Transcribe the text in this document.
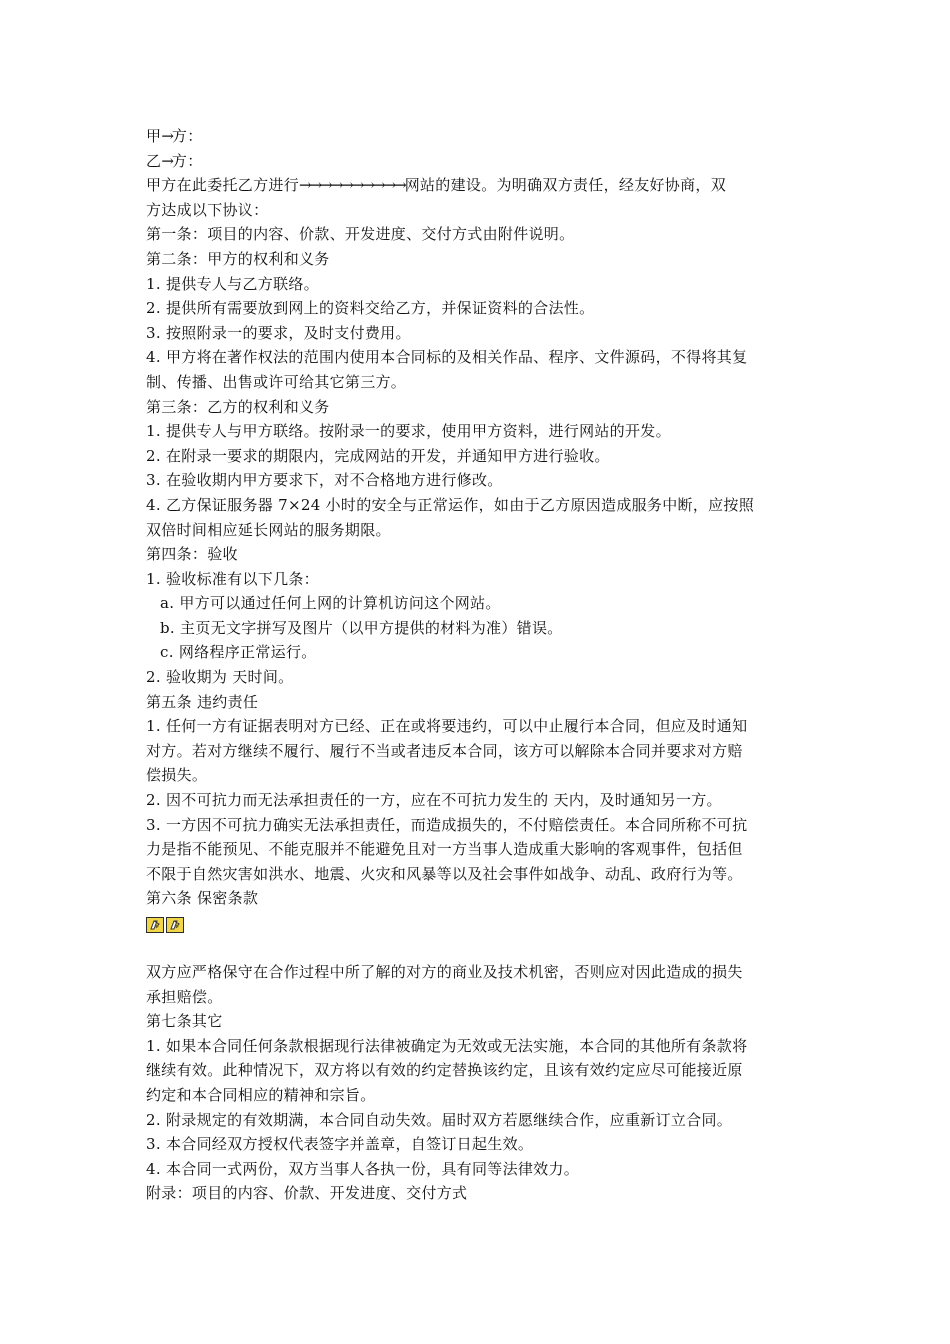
甲→方：
乙→方：
甲方在此委托乙方进行→→→→→→→→→→网站的建设。为明确双方责任，经友好协商，双
方达成以下协议：
第一条：项目的内容、价款、开发进度、交付方式由附件说明。
第二条：甲方的权利和义务
1. 提供专人与乙方联络。
2. 提供所有需要放到网上的资料交给乙方，并保证资料的合法性。
3. 按照附录一的要求，及时支付费用。
4. 甲方将在著作权法的范围内使用本合同标的及相关作品、程序、文件源码，不得将其复
制、传播、出售或许可给其它第三方。
第三条：乙方的权利和义务
1. 提供专人与甲方联络。按附录一的要求，使用甲方资料，进行网站的开发。
2. 在附录一要求的期限内，完成网站的开发，并通知甲方进行验收。
3. 在验收期内甲方要求下，对不合格地方进行修改。
4. 乙方保证服务器 7×24 小时的安全与正常运作，如由于乙方原因造成服务中断，应按照
双倍时间相应延长网站的服务期限。
第四条：验收
1. 验收标准有以下几条：
a. 甲方可以通过任何上网的计算机访问这个网站。
b. 主页无文字拼写及图片（以甲方提供的材料为准）错误。
c. 网络程序正常运行。
2. 验收期为 天时间。
第五条 违约责任
1. 任何一方有证据表明对方已经、正在或将要违约，可以中止履行本合同，但应及时通知
对方。若对方继续不履行、履行不当或者违反本合同，该方可以解除本合同并要求对方赔
偿损失。
2. 因不可抗力而无法承担责任的一方，应在不可抗力发生的 天内，及时通知另一方。
3. 一方因不可抗力确实无法承担责任，而造成损失的，不付赔偿责任。本合同所称不可抗
力是指不能预见、不能克服并不能避免且对一方当事人造成重大影响的客观事件，包括但
不限于自然灾害如洪水、地震、火灾和风暴等以及社会事件如战争、动乱、政府行为等。
第六条 保密条款
双方应严格保守在合作过程中所了解的对方的商业及技术机密，否则应对因此造成的损失
承担赔偿。
第七条其它
1. 如果本合同任何条款根据现行法律被确定为无效或无法实施，本合同的其他所有条款将
继续有效。此种情况下，双方将以有效的约定替换该约定，且该有效约定应尽可能接近原
约定和本合同相应的精神和宗旨。
2. 附录规定的有效期满，本合同自动失效。届时双方若愿继续合作，应重新订立合同。
3. 本合同经双方授权代表签字并盖章，自签订日起生效。
4. 本合同一式两份，双方当事人各执一份，具有同等法律效力。
附录：项目的内容、价款、开发进度、交付方式
